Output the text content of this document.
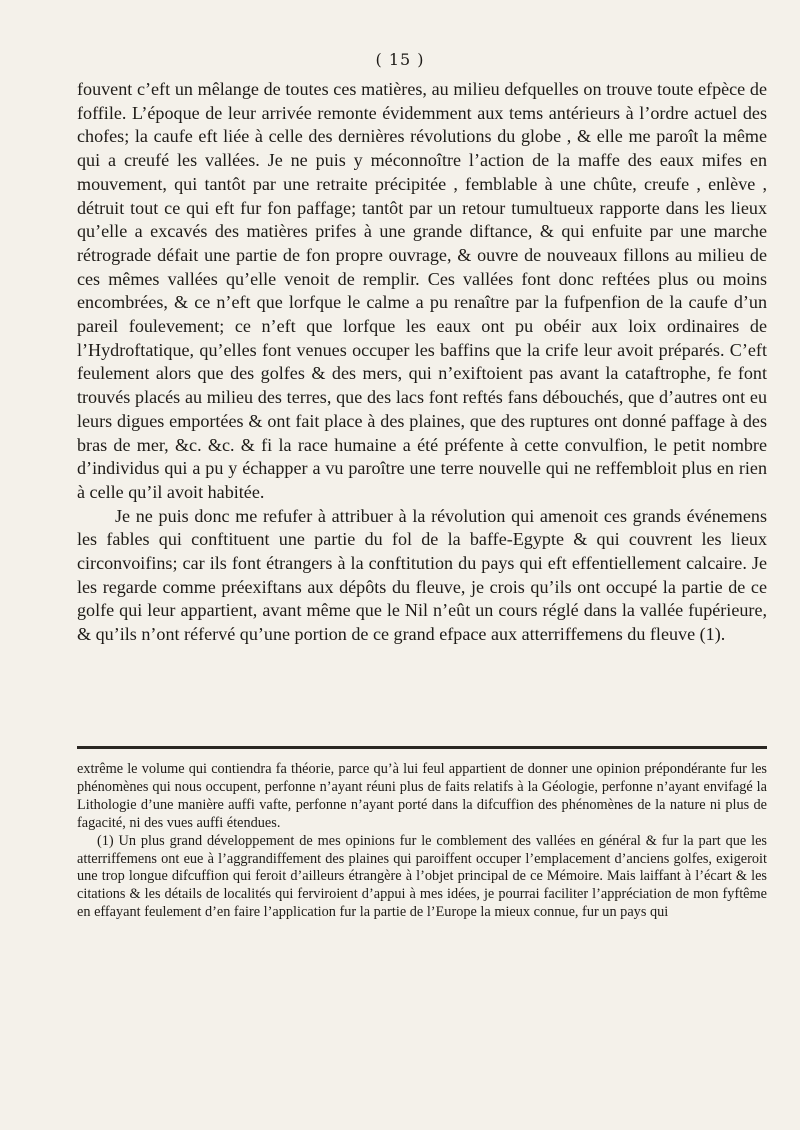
( 15 )

fouvent c’eft un mêlange de toutes ces matières, au milieu defquelles on trouve toute efpèce de foffile. L’époque de leur arrivée remonte évidemment aux tems antérieurs à l’ordre actuel des chofes; la caufe eft liée à celle des dernières révolutions du globe , & elle me paroît la même qui a creufé les vallées. Je ne puis y méconnoître l’action de la maffe des eaux mifes en mouvement, qui tantôt par une retraite précipitée , femblable à une chûte, creufe , enlève , détruit tout ce qui eft fur fon paffage; tantôt par un retour tumultueux rapporte dans les lieux qu’elle a excavés des matières prifes à une grande diftance, & qui enfuite par une marche rétrograde défait une partie de fon propre ouvrage, & ouvre de nouveaux fillons au milieu de ces mêmes vallées qu’elle venoit de remplir. Ces vallées font donc reftées plus ou moins encombrées, & ce n’eft que lorfque le calme a pu renaître par la fufpenfion de la caufe d’un pareil foulevement; ce n’eft que lorfque les eaux ont pu obéir aux loix ordinaires de l’Hydroftatique, qu’elles font venues occuper les baffins que la crife leur avoit préparés. C’eft feulement alors que des golfes & des mers, qui n’exiftoient pas avant la cataftrophe, fe font trouvés placés au milieu des terres, que des lacs font reftés fans débouchés, que d’autres ont eu leurs digues emportées & ont fait place à des plaines, que des ruptures ont donné paffage à des bras de mer, &c. &c. & fi la race humaine a été préfente à cette convulfion, le petit nombre d’individus qui a pu y échapper a vu paroître une terre nouvelle qui ne reffembloit plus en rien à celle qu’il avoit habitée.

Je ne puis donc me refufer à attribuer à la révolution qui amenoit ces grands événemens les fables qui conftituent une partie du fol de la baffe-Egypte & qui couvrent les lieux circonvoifins; car ils font étrangers à la conftitution du pays qui eft effentiellement calcaire. Je les regarde comme préexiftans aux dépôts du fleuve, je crois qu’ils ont occupé la partie de ce golfe qui leur appartient, avant même que le Nil n’eût un cours réglé dans la vallée fupérieure, & qu’ils n’ont réfervé qu’une portion de ce grand efpace aux atterriffemens du fleuve (1).

extrême le volume qui contiendra fa théorie, parce qu’à lui feul appartient de donner une opinion prépondérante fur les phénomènes qui nous occupent, perfonne n’ayant réuni plus de faits relatifs à la Géologie, perfonne n’ayant envifagé la Lithologie d’une manière auffi vafte, perfonne n’ayant porté dans la difcuffion des phénomènes de la nature ni plus de fagacité, ni des vues auffi étendues.

(1) Un plus grand développement de mes opinions fur le comblement des vallées en général & fur la part que les atterriffemens ont eue à l’aggrandiffement des plaines qui paroiffent occuper l’emplacement d’anciens golfes, exigeroit une trop longue difcuffion qui feroit d’ailleurs étrangère à l’objet principal de ce Mémoire. Mais laiffant à l’écart & les citations & les détails de localités qui ferviroient d’appui à mes idées, je pourrai faciliter l’appréciation de mon fyftême en effayant feulement d’en faire l’application fur la partie de l’Europe la mieux connue, fur un pays qui
